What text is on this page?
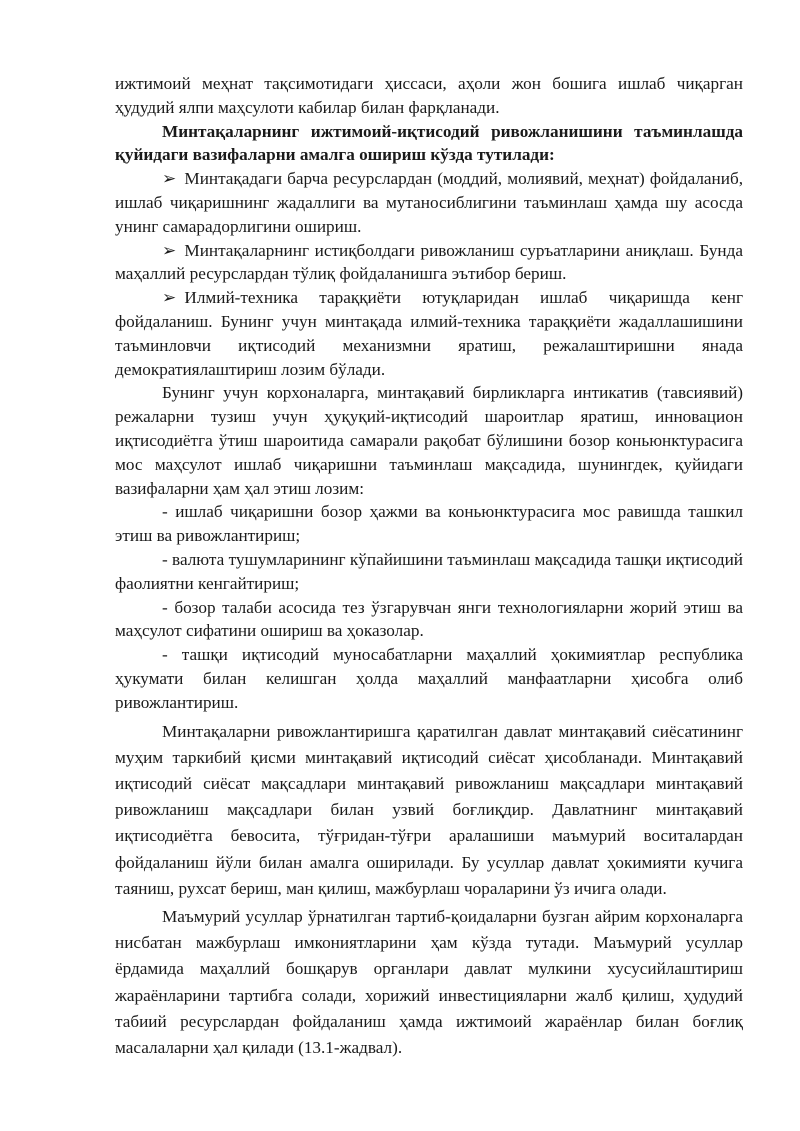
ижтимоий меҳнат тақсимотидаги ҳиссаси, аҳоли жон бошига ишлаб чиқарган ҳудудий ялпи маҳсулоти кабилар билан фарқланади.

Минтақаларнинг ижтимоий-иқтисодий ривожланишини таъминлашда қуйидаги вазифаларни амалга ошириш кўзда тутилади:

➢ Минтақадаги барча ресурслардан (моддий, молиявий, меҳнат) фойдаланиб, ишлаб чиқаришнинг жадаллиги ва мутаносиблигини таъминлаш ҳамда шу асосда унинг самарадорлигини ошириш.

➢ Минтақаларнинг истиқболдаги ривожланиш суръатларини аниқлаш. Бунда маҳаллий ресурслардан тўлиқ фойдаланишга эътибор бериш.

➢ Илмий-техника тараққиёти ютуқларидан ишлаб чиқаришда кенг фойдаланиш. Бунинг учун минтақада илмий-техника тараққиёти жадаллашишини таъминловчи иқтисодий механизмни яратиш, режалаштиришни янада демократиялаштириш лозим бўлади.

Бунинг учун корхоналарга, минтақавий бирликларга интикатив (тавсиявий) режаларни тузиш учун ҳуқуқий-иқтисодий шароитлар яратиш, инновацион иқтисодиётга ўтиш шароитида самарали рақобат бўлишини бозор коньюнктурасига мос маҳсулот ишлаб чиқаришни таъминлаш мақсадида, шунингдек, қуйидаги вазифаларни ҳам ҳал этиш лозим:

- ишлаб чиқаришни бозор ҳажми ва коньюнктурасига мос равишда ташкил этиш ва ривожлантириш;

- валюта тушумларининг кўпайишини таъминлаш мақсадида ташқи иқтисодий фаолиятни кенгайтириш;

- бозор талаби асосида тез ўзгарувчан янги технологияларни жорий этиш ва маҳсулот сифатини ошириш ва ҳоказолар.

- ташқи иқтисодий муносабатларни маҳаллий ҳокимиятлар республика ҳукумати билан келишган ҳолда маҳаллий манфаатларни ҳисобга олиб ривожлантириш.

Минтақаларни ривожлантиришга қаратилган давлат минтақавий сиёсатининг муҳим таркибий қисми минтақавий иқтисодий сиёсат ҳисобланади. Минтақавий иқтисодий сиёсат мақсадлари минтақавий ривожланиш мақсадлари минтақавий ривожланиш мақсадлари билан узвий боғлиқдир. Давлатнинг минтақавий иқтисодиётга бевосита, тўғридан-тўғри аралашиши маъмурий воситалардан фойдаланиш йўли билан амалга оширилади. Бу усуллар давлат ҳокимияти кучига таяниш, рухсат бериш, ман қилиш, мажбурлаш чораларини ўз ичига олади.

Маъмурий усуллар ўрнатилган тартиб-қоидаларни бузган айрим корхоналарга нисбатан мажбурлаш имкониятларини ҳам кўзда тутади. Маъмурий усуллар ёрдамида маҳаллий бошқарув органлари давлат мулкини хусусийлаштириш жараёнларини тартибга солади, хорижий инвестицияларни жалб қилиш, ҳудудий табиий ресурслардан фойдаланиш ҳамда ижтимоий жараёнлар билан боғлиқ масалаларни ҳал қилади (13.1-жадвал).
